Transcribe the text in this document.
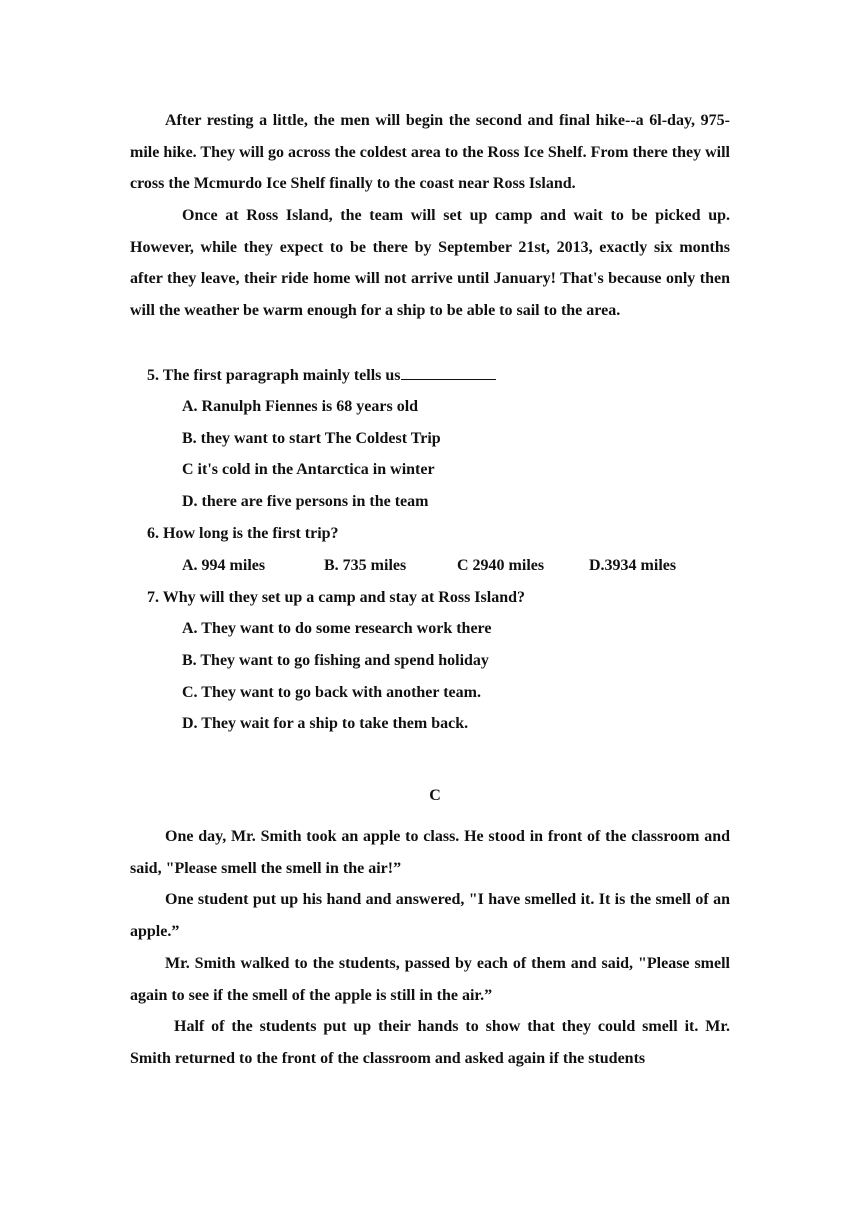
After resting a little, the men will begin the second and final hike--a 6l-day, 975-mile hike. They will go across the coldest area to the Ross Ice Shelf. From there they will cross the Mcmurdo Ice Shelf finally to the coast near Ross Island.

Once at Ross Island, the team will set up camp and wait to be picked up. However, while they expect to be there by September 21st, 2013, exactly six months after they leave, their ride home will not arrive until January! That's because only then will the weather be warm enough for a ship to be able to sail to the area.

5. The first paragraph mainly tells us
A. Ranulph Fiennes is 68 years old
B. they want to start The Coldest Trip
C it's cold in the Antarctica in winter
D. there are five persons in the team
6. How long is the first trip?
A. 994 miles	B. 735 miles	C 2940 miles	D.3934 miles
7. Why will they set up a camp and stay at Ross Island?
A. They want to do some research work there
B. They want to go fishing and spend holiday
C. They want to go back with another team.
D. They wait for a ship to take them back.
C

One day, Mr. Smith took an apple to class. He stood in front of the classroom and said, "Please smell the smell in the air!”

One student put up his hand and answered, "I have smelled it. It is the smell of an apple.”

Mr. Smith walked to the students, passed by each of them and said, "Please smell again to see if the smell of the apple is still in the air.”

Half of the students put up their hands to show that they could smell it. Mr. Smith returned to the front of the classroom and asked again if the students
